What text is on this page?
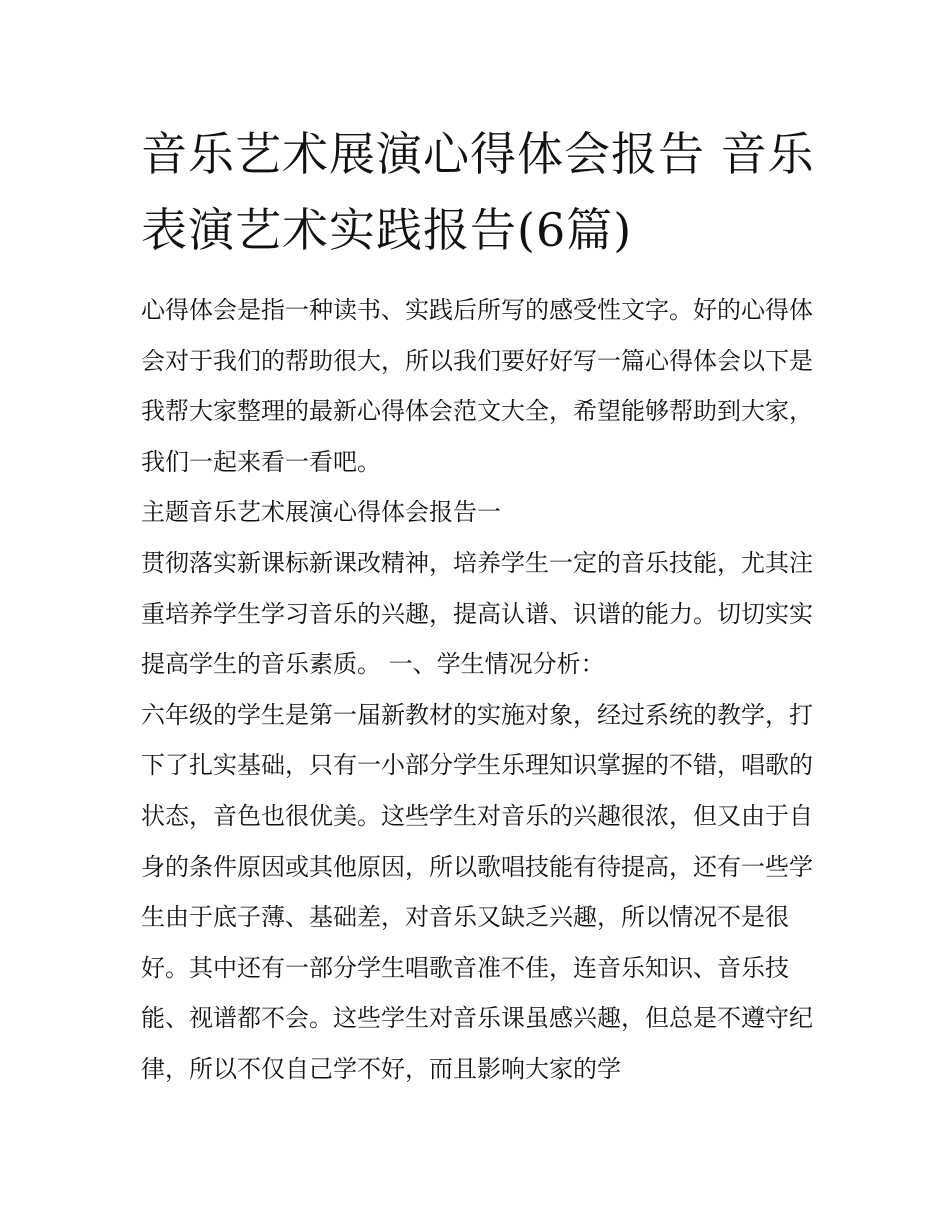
音乐艺术展演心得体会报告 音乐表演艺术实践报告(6篇)

心得体会是指一种读书、实践后所写的感受性文字。好的心得体会对于我们的帮助很大，所以我们要好好写一篇心得体会以下是我帮大家整理的最新心得体会范文大全，希望能够帮助到大家，我们一起来看一看吧。

主题音乐艺术展演心得体会报告一

贯彻落实新课标新课改精神，培养学生一定的音乐技能，尤其注重培养学生学习音乐的兴趣，提高认谱、识谱的能力。切切实实提高学生的音乐素质。 一、学生情况分析：

六年级的学生是第一届新教材的实施对象，经过系统的教学，打下了扎实基础，只有一小部分学生乐理知识掌握的不错，唱歌的状态，音色也很优美。这些学生对音乐的兴趣很浓，但又由于自身的条件原因或其他原因，所以歌唱技能有待提高，还有一些学生由于底子薄、基础差，对音乐又缺乏兴趣，所以情况不是很好。其中还有一部分学生唱歌音准不佳，连音乐知识、音乐技能、视谱都不会。这些学生对音乐课虽感兴趣，但总是不遵守纪律，所以不仅自己学不好，而且影响大家的学
